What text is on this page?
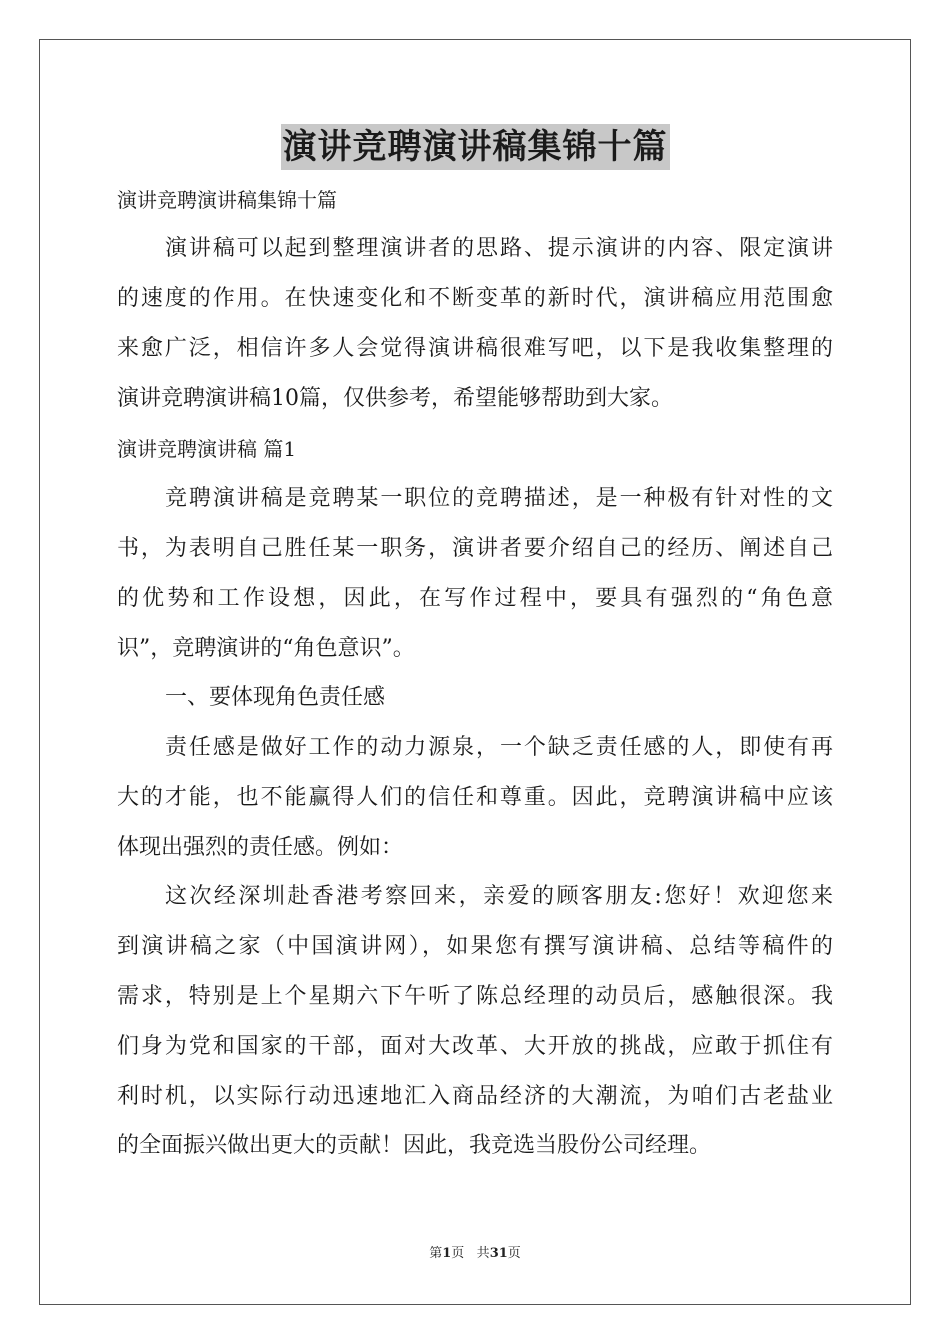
演讲竞聘演讲稿集锦十篇
演讲竞聘演讲稿集锦十篇
演讲稿可以起到整理演讲者的思路、提示演讲的内容、限定演讲
的速度的作用。在快速变化和不断变革的新时代，演讲稿应用范围愈
来愈广泛，相信许多人会觉得演讲稿很难写吧，以下是我收集整理的
演讲竞聘演讲稿10篇，仅供参考，希望能够帮助到大家。
演讲竞聘演讲稿 篇1
竞聘演讲稿是竞聘某一职位的竞聘描述，是一种极有针对性的文
书，为表明自己胜任某一职务，演讲者要介绍自己的经历、阐述自己
的优势和工作设想，因此，在写作过程中，要具有强烈的“角色意
识”，竞聘演讲的“角色意识”。
一、要体现角色责任感
责任感是做好工作的动力源泉，一个缺乏责任感的人，即使有再
大的才能，也不能赢得人们的信任和尊重。因此，竞聘演讲稿中应该
体现出强烈的责任感。例如：
这次经深圳赴香港考察回来，亲爱的顾客朋友:您好！欢迎您来
到演讲稿之家（中国演讲网），如果您有撰写演讲稿、总结等稿件的
需求，特别是上个星期六下午听了陈总经理的动员后，感触很深。我
们身为党和国家的干部，面对大改革、大开放的挑战，应敢于抓住有
利时机，以实际行动迅速地汇入商品经济的大潮流，为咱们古老盐业
的全面振兴做出更大的贡献！因此，我竞选当股份公司经理。
第1页 共31页
